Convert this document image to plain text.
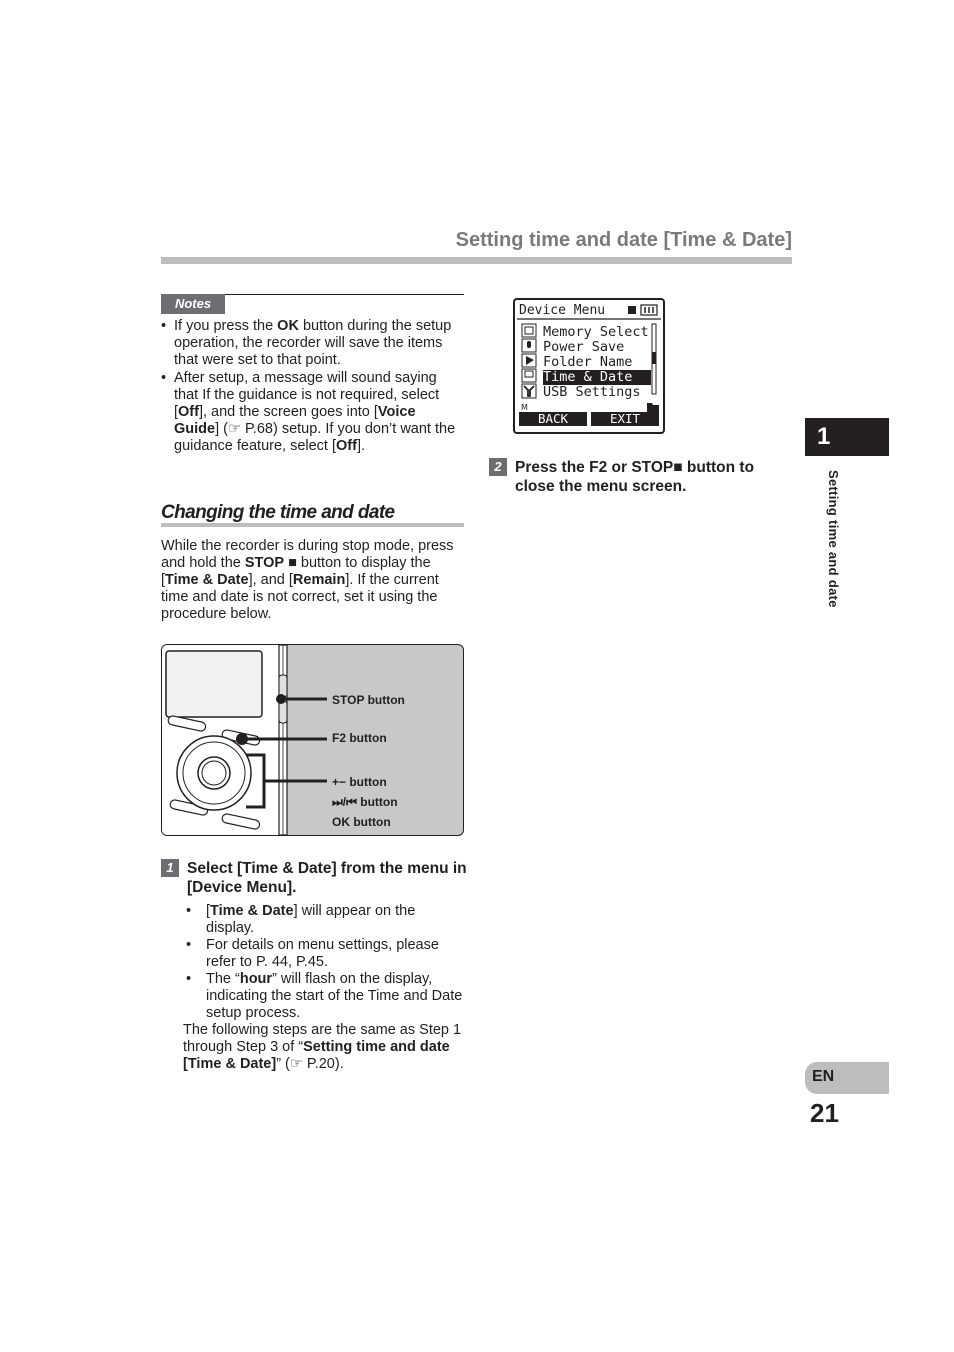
Setting time and date [Time & Date]
Notes
• If you press the OK button during the setup operation, the recorder will save the items that were set to that point.
• After setup, a message will sound saying that If the guidance is not required, select [Off], and the screen goes into [Voice Guide] (☞ P.68) setup. If you don’t want the guidance feature, select [Off].
Changing the time and date
While the recorder is during stop mode, press and hold the STOP ■ button to display the [Time & Date], and [Remain]. If the current time and date is not correct, set it using the procedure below.
STOP button
F2 button
+− button
⏭/⏮ button
OK button
1 Select [Time & Date] from the menu in [Device Menu].
• [Time & Date] will appear on the display.
• For details on menu settings, please refer to P. 44, P.45.
• The “hour” will flash on the display, indicating the start of the Time and Date setup process.
The following steps are the same as Step 1 through Step 3 of “Setting time and date [Time & Date]” (☞ P.20).
M
Device Menu
Memory Select
Power Save
Folder Name
Time & Date
USB Settings
BACK	EXIT
2 Press the F2 or STOP■ button to close the menu screen.
1
Setting time and date
EN
21
